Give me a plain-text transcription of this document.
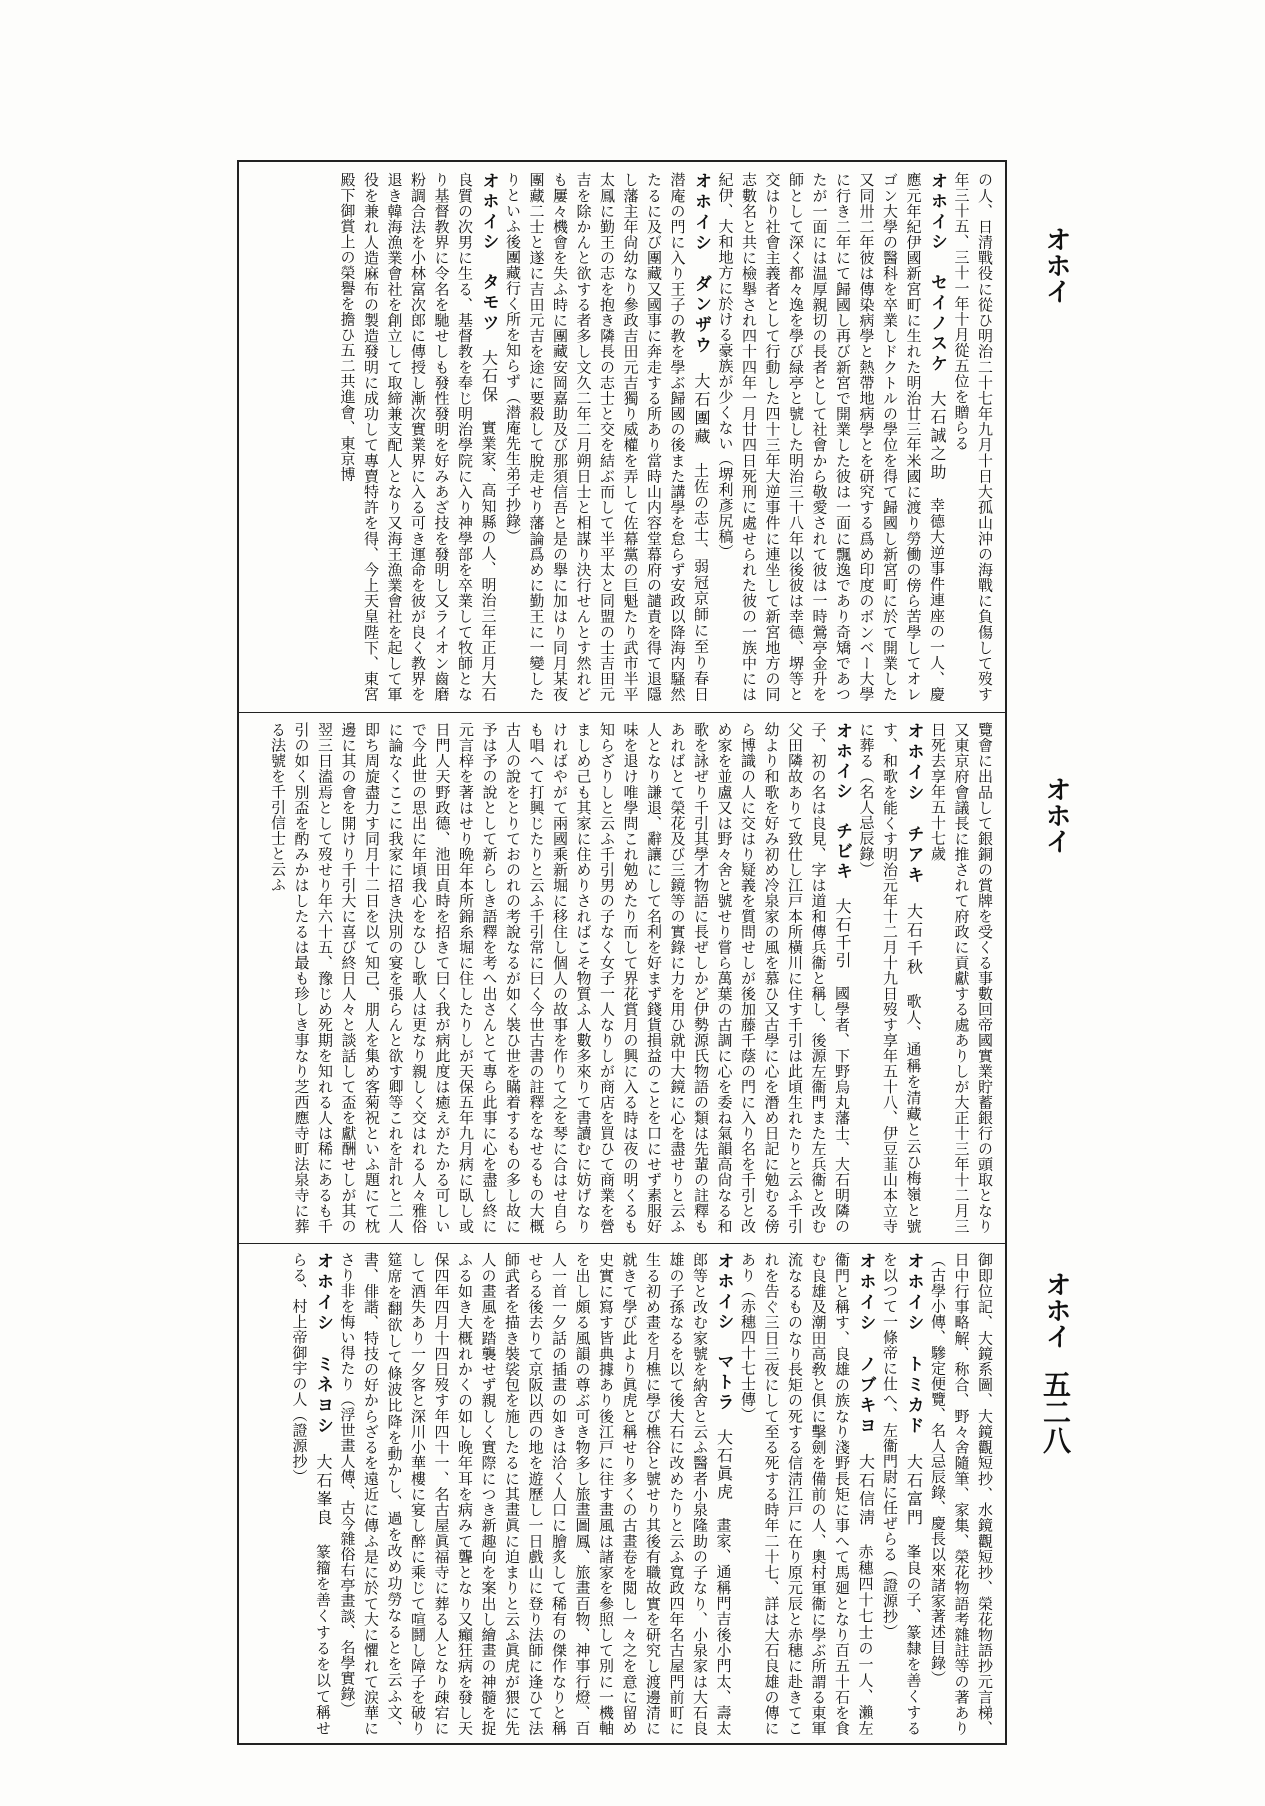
オホイ
オホイ
オホイ
五二八
の人、日清戰役に從ひ明治二十七年九月十日大孤山沖の海戰に負傷して歿す年三十五、三十一年十月從五位を贈らる
オホイシ　セイノスケ　大石誠之助　幸德大逆事件連座の一人、慶應元年紀伊國新宮町に生れた明治廿三年米國に渡り勞働の傍ら苦學してオレゴン大學の醫科を卒業しドクトルの學位を得て歸國し新宮町に於て開業した又同卅二年彼は傳染病學と熱帶地病學とを研究する爲め印度のボンベー大學に行き二年にて歸國し再び新宮で開業した彼は一面に飄逸であり奇矯であつたが一面には温厚親切の長者として社會から敬愛されて彼は一時鶯亭金升を師として深く都々逸を學び緑亭と號した明治三十八年以後彼は幸德、堺等と交はり社會主義者として行動した四十三年大逆事件に連坐して新宮地方の同志數名と共に檢擧され四十四年一月廿四日死刑に處せられた彼の一族中には紀伊、大和地方に於ける豪族が少くない（堺利彥尻稿）
オホイシ　ダンザウ　大石團藏　土佐の志士、弱冠京師に至り春日潜庵の門に入り王子の教を學ぶ歸國の後また講學を怠らず安政以降海内騷然たるに及び團藏又國事に奔走する所あり當時山内容堂幕府の譴責を得て退隱し藩主年尙幼なり參政吉田元吉獨り威權を弄して佐幕黨の巨魁たり武市半平太鳳に勤王の志を抱き隣長の志士と交を結ぶ而して半平太と同盟の士吉田元吉を除かんと欲する者多し文久二年二月朔日士と相謀り決行せんとす然れども屢々機會を失ふ時に團藏安岡嘉助及び那須信吾と是の擧に加はり同月某夜團藏二士と遂に吉田元吉を途に要殺して脫走せり藩論爲めに勤王に一變したりといふ後團藏行く所を知らず（潜庵先生弟子抄錄）
オホイシ　タモツ　大石保　實業家、高知縣の人、明治三年正月大石良質の次男に生る、基督教を奉じ明治學院に入り神學部を卒業して牧師となり基督教界に令名を馳せしも發性發明を好みあざ技を發明し又ライオン齒磨粉調合法を小林富次郎に傳授し漸次實業界に入る可き運命を彼が良く教界を退き韓海漁業會社を創立して取締兼支配人となり又海王漁業會社を起して軍役を兼れ人造麻布の製造發明に成功して專賣特許を得、今上天皇陛下、東宮殿下御賞上の榮譽を擔ひ五二共進會、東京博
覽會に出品して銀銅の賞牌を受くる事數回帝國實業貯蓄銀行の頭取となり又東京府會議長に推されて府政に貢獻する處ありしが大正十三年十二月三日死去享年五十七歲
オホイシ　チアキ　大石千秋　歌人、通稱を清藏と云ひ梅嶺と號す、和歌を能くす明治元年十二月十九日歿す享年五十八、伊豆韮山本立寺に葬る（名人忌辰錄）
オホイシ　チビキ　大石千引　國學者、下野烏丸藩士、大石明隣の子、初の名は良見、字は道和傳兵衞と稱し、後源左衞門また左兵衞と改む父田隣故ありて致仕し江戸本所橫川に住す千引は此頃生れたりと云ふ千引幼より和歌を好み初め冷泉家の風を慕ひ又古學に心を潛め日記に勉むる傍ら博識の人に交はり疑義を質問せしが後加藤千蔭の門に入り名を千引と改め家を並盧又は野々舍と號せり嘗ら萬葉の古調に心を委ね氣韻高尙なる和歌を詠ぜり千引其學才物語に長ぜしかど伊勢源氏物語の類は先輩の註釋もあればとて榮花及び三鏡等の實錄に力を用ひ就中大鏡に心を盡せりと云ふ人となり謙退、辭讓にして名利を好まず錢貨損益のことを口にせず素服好味を退け唯學問これ勉めたり而して界花賞月の興に入る時は夜の明くるも知らざりしと云ふ千引男の子なく女子一人なりしが商店を買ひて商業を營ましめ己も其家に住めりさればこそ物質ふ人數多來りて書讀むに妨げなりければやがて兩國乘新堀に移住し個人の故事を作りて之を琴に合はせ自らも唱へて打興じたりと云ふ千引常に曰く今世古書の註釋をなせるもの大概古人の說をとりておのれの考說なるが如く裝ひ世を瞞着するもの多し故に予は予の說として新らしき語釋を考へ出さんとて專ら此事に心を盡し終に元言梓を著はせり晩年本所錦糸堀に住したりしが天保五年九月病に臥し或日門人天野政德、池田貞時を招きて曰く我が病此度は癒えがたかる可しいで今此世の思出に年頃我心をなひし歌人は更なり親しく交はれる人々雅俗に論なくここに我家に招き決別の宴を張らんと欲す卿等これを計れと二人即ち周旋盡力す同月十二日を以て知己、朋人を集め客菊祝といふ題にて枕邊に其の會を開けり千引大に喜び終日人々と談話して盃を獻酬せしが其の翌三日溘焉として歿せり年六十五、豫じめ死期を知れる人は稀にあるも千引の如く別盃を酌みかはしたるは最も珍しき事なり芝西應寺町法泉寺に葬る法號を千引信士と云ふ
御即位記、大鏡系圖、大鏡觀短抄、水鏡觀短抄、榮花物語抄元言梯、日中行事略解、称合、野々舍隨筆、家集、榮花物語考雜註等の著あり（古學小傳、驂定便覽、名人忌辰錄、慶長以來諸家著述目錄）
オホイシ　トミカド　大石富門　峯良の子、篆隸を善くするを以つて一條帝に仕へ、左衞門尉に任ぜらる（證源抄）
オホイシ　ノブキヨ　大石信淸　赤穗四十七士の一人、瀨左衞門と稱す、良雄の族なり淺野長矩に事へて馬廻となり百五十石を食む良雄及潮田高敎と俱に擊劍を備前の人、奧村軍衞に學ぶ所謂る東軍流なるものなり長矩の死する信淸江戸に在り原元辰と赤穗に赴きてこれを告ぐ三日三夜にして至る死する時年二十七、詳は大石良雄の傳にあり（赤穗四十七士傳）
オホイシ　マトラ　大石眞虎　畫家、通稱門吉後小門太、壽太郎等と改む家號を納舍と云ふ醫者小泉隆助の子なり、小泉家は大石良雄の子孫なるを以て後大石に改めたりと云ふ寬政四年名古屋門前町に生る初め畫を月樵に學び樵谷と號せり其後有職故實を研究し渡邊清に就きて學び此より眞虎と稱せり多くの古畫卷を閲し一々之を意に留め史實に寫す皆典據あり後江戸に往す畫風は諸家を參照して別に一機軸を出し頗る風韻の尊ぶ可き物多し旅畫圖鳳、旅畫百物、神事行燈、百人一首一夕話の插畫の如きは洽く人口に膾炙して稀有の傑作なりと稱せらる後去りて京阪以西の地を遊歷し一日戲山に登り法師に逢ひて法師武者を描き裝裟包を施したるに其畫眞に迫まりと云ふ眞虎が猥に先人の畫風を踏襲せず親しく實際につき新趣向を案出し繪畫の神髓を捉ふる如き大概れかくの如し晚年耳を病みて聾となり又癲狂病を發し天保四年四月十四日歿す年四十一、名古屋眞福寺に葬る人となり疎宕にして酒失あり一夕客と深川小華樓に宴し醉に乘じて喧鬪し障子を破り筵席を翻欲して條波比降を動かし、過を改め功勞なるとを云ふ文、書、俳諧、特技の好からざるを遠近に傳ふ是に於て大に懼れて涙華にさり非を悔い得たり（浮世畫人傳、古今雜俗右亭畫談、名學實錄）
オホイシ　ミネヨシ　大石峯良　篆籀を善くするを以て稱せらる、村上帝御宇の人（證源抄）
